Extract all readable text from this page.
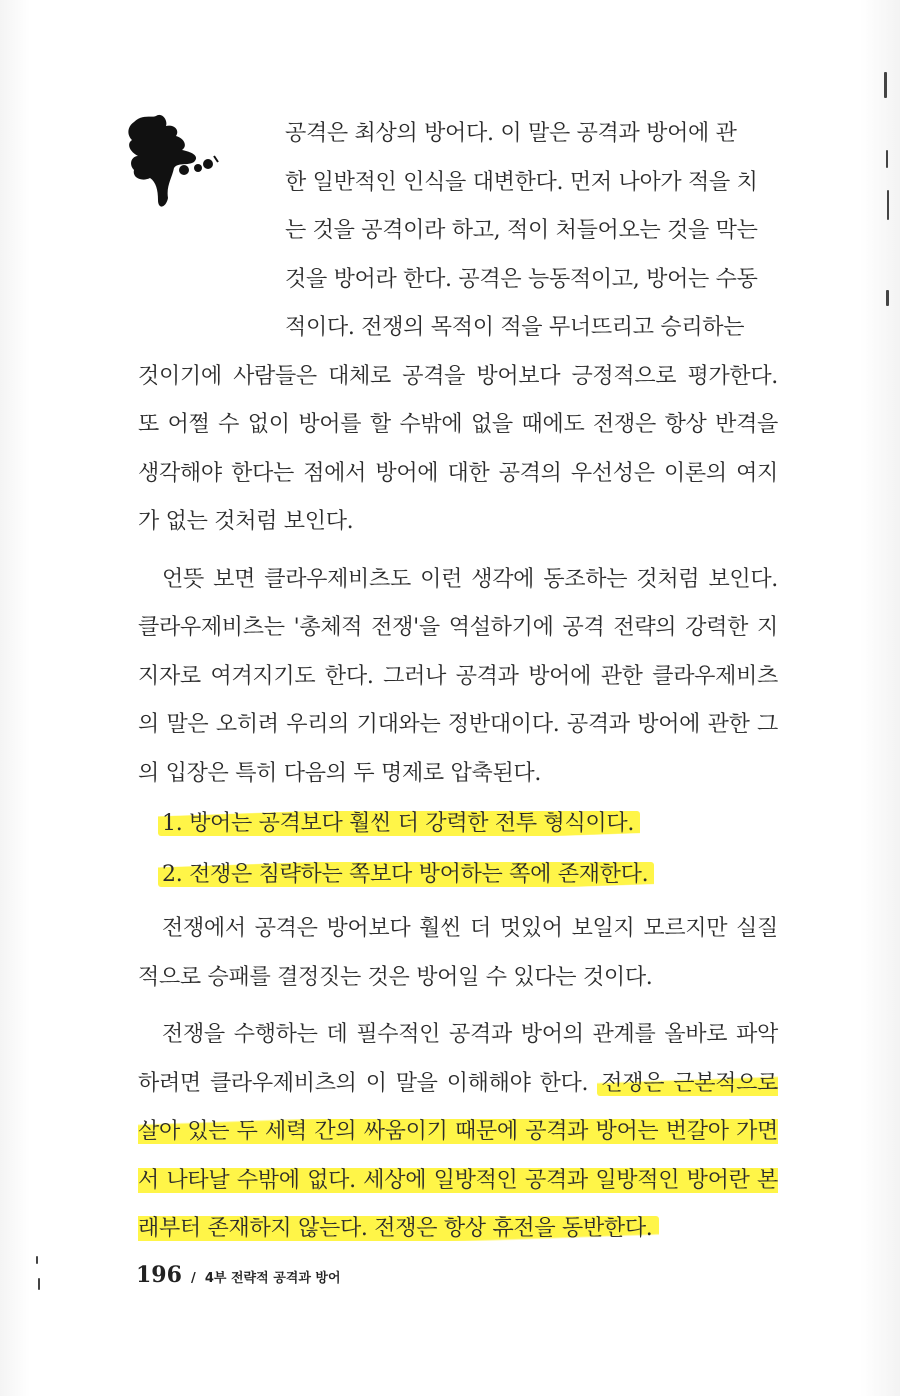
공격은 최상의 방어다. 이 말은 공격과 방어에 관
한 일반적인 인식을 대변한다. 먼저 나아가 적을 치
는 것을 공격이라 하고, 적이 처들어오는 것을 막는
것을 방어라 한다. 공격은 능동적이고, 방어는 수동
적이다. 전쟁의 목적이 적을 무너뜨리고 승리하는
것이기에 사람들은 대체로 공격을 방어보다 긍정적으로 평가한다. 또 어쩔 수 없이 방어를 할 수밖에 없을 때에도 전쟁은 항상 반격을 생각해야 한다는 점에서 방어에 대한 공격의 우선성은 이론의 여지가 없는 것처럼 보인다.

언뜻 보면 클라우제비츠도 이런 생각에 동조하는 것처럼 보인다. 클라우제비츠는 '총체적 전쟁'을 역설하기에 공격 전략의 강력한 지지자로 여겨지기도 한다. 그러나 공격과 방어에 관한 클라우제비츠의 말은 오히려 우리의 기대와는 정반대이다. 공격과 방어에 관한 그의 입장은 특히 다음의 두 명제로 압축된다.

1. 방어는 공격보다 훨씬 더 강력한 전투 형식이다.
2. 전쟁은 침략하는 쪽보다 방어하는 쪽에 존재한다.

전쟁에서 공격은 방어보다 훨씬 더 멋있어 보일지 모르지만 실질적으로 승패를 결정짓는 것은 방어일 수 있다는 것이다.

전쟁을 수행하는 데 필수적인 공격과 방어의 관계를 올바로 파악하려면 클라우제비츠의 이 말을 이해해야 한다. 전쟁은 근본적으로 살아 있는 두 세력 간의 싸움이기 때문에 공격과 방어는 번갈아 가면서 나타날 수밖에 없다. 세상에 일방적인 공격과 일방적인 방어란 본래부터 존재하지 않는다. 전쟁은 항상 휴전을 동반한다.

196 / 4부 전략적 공격과 방어
